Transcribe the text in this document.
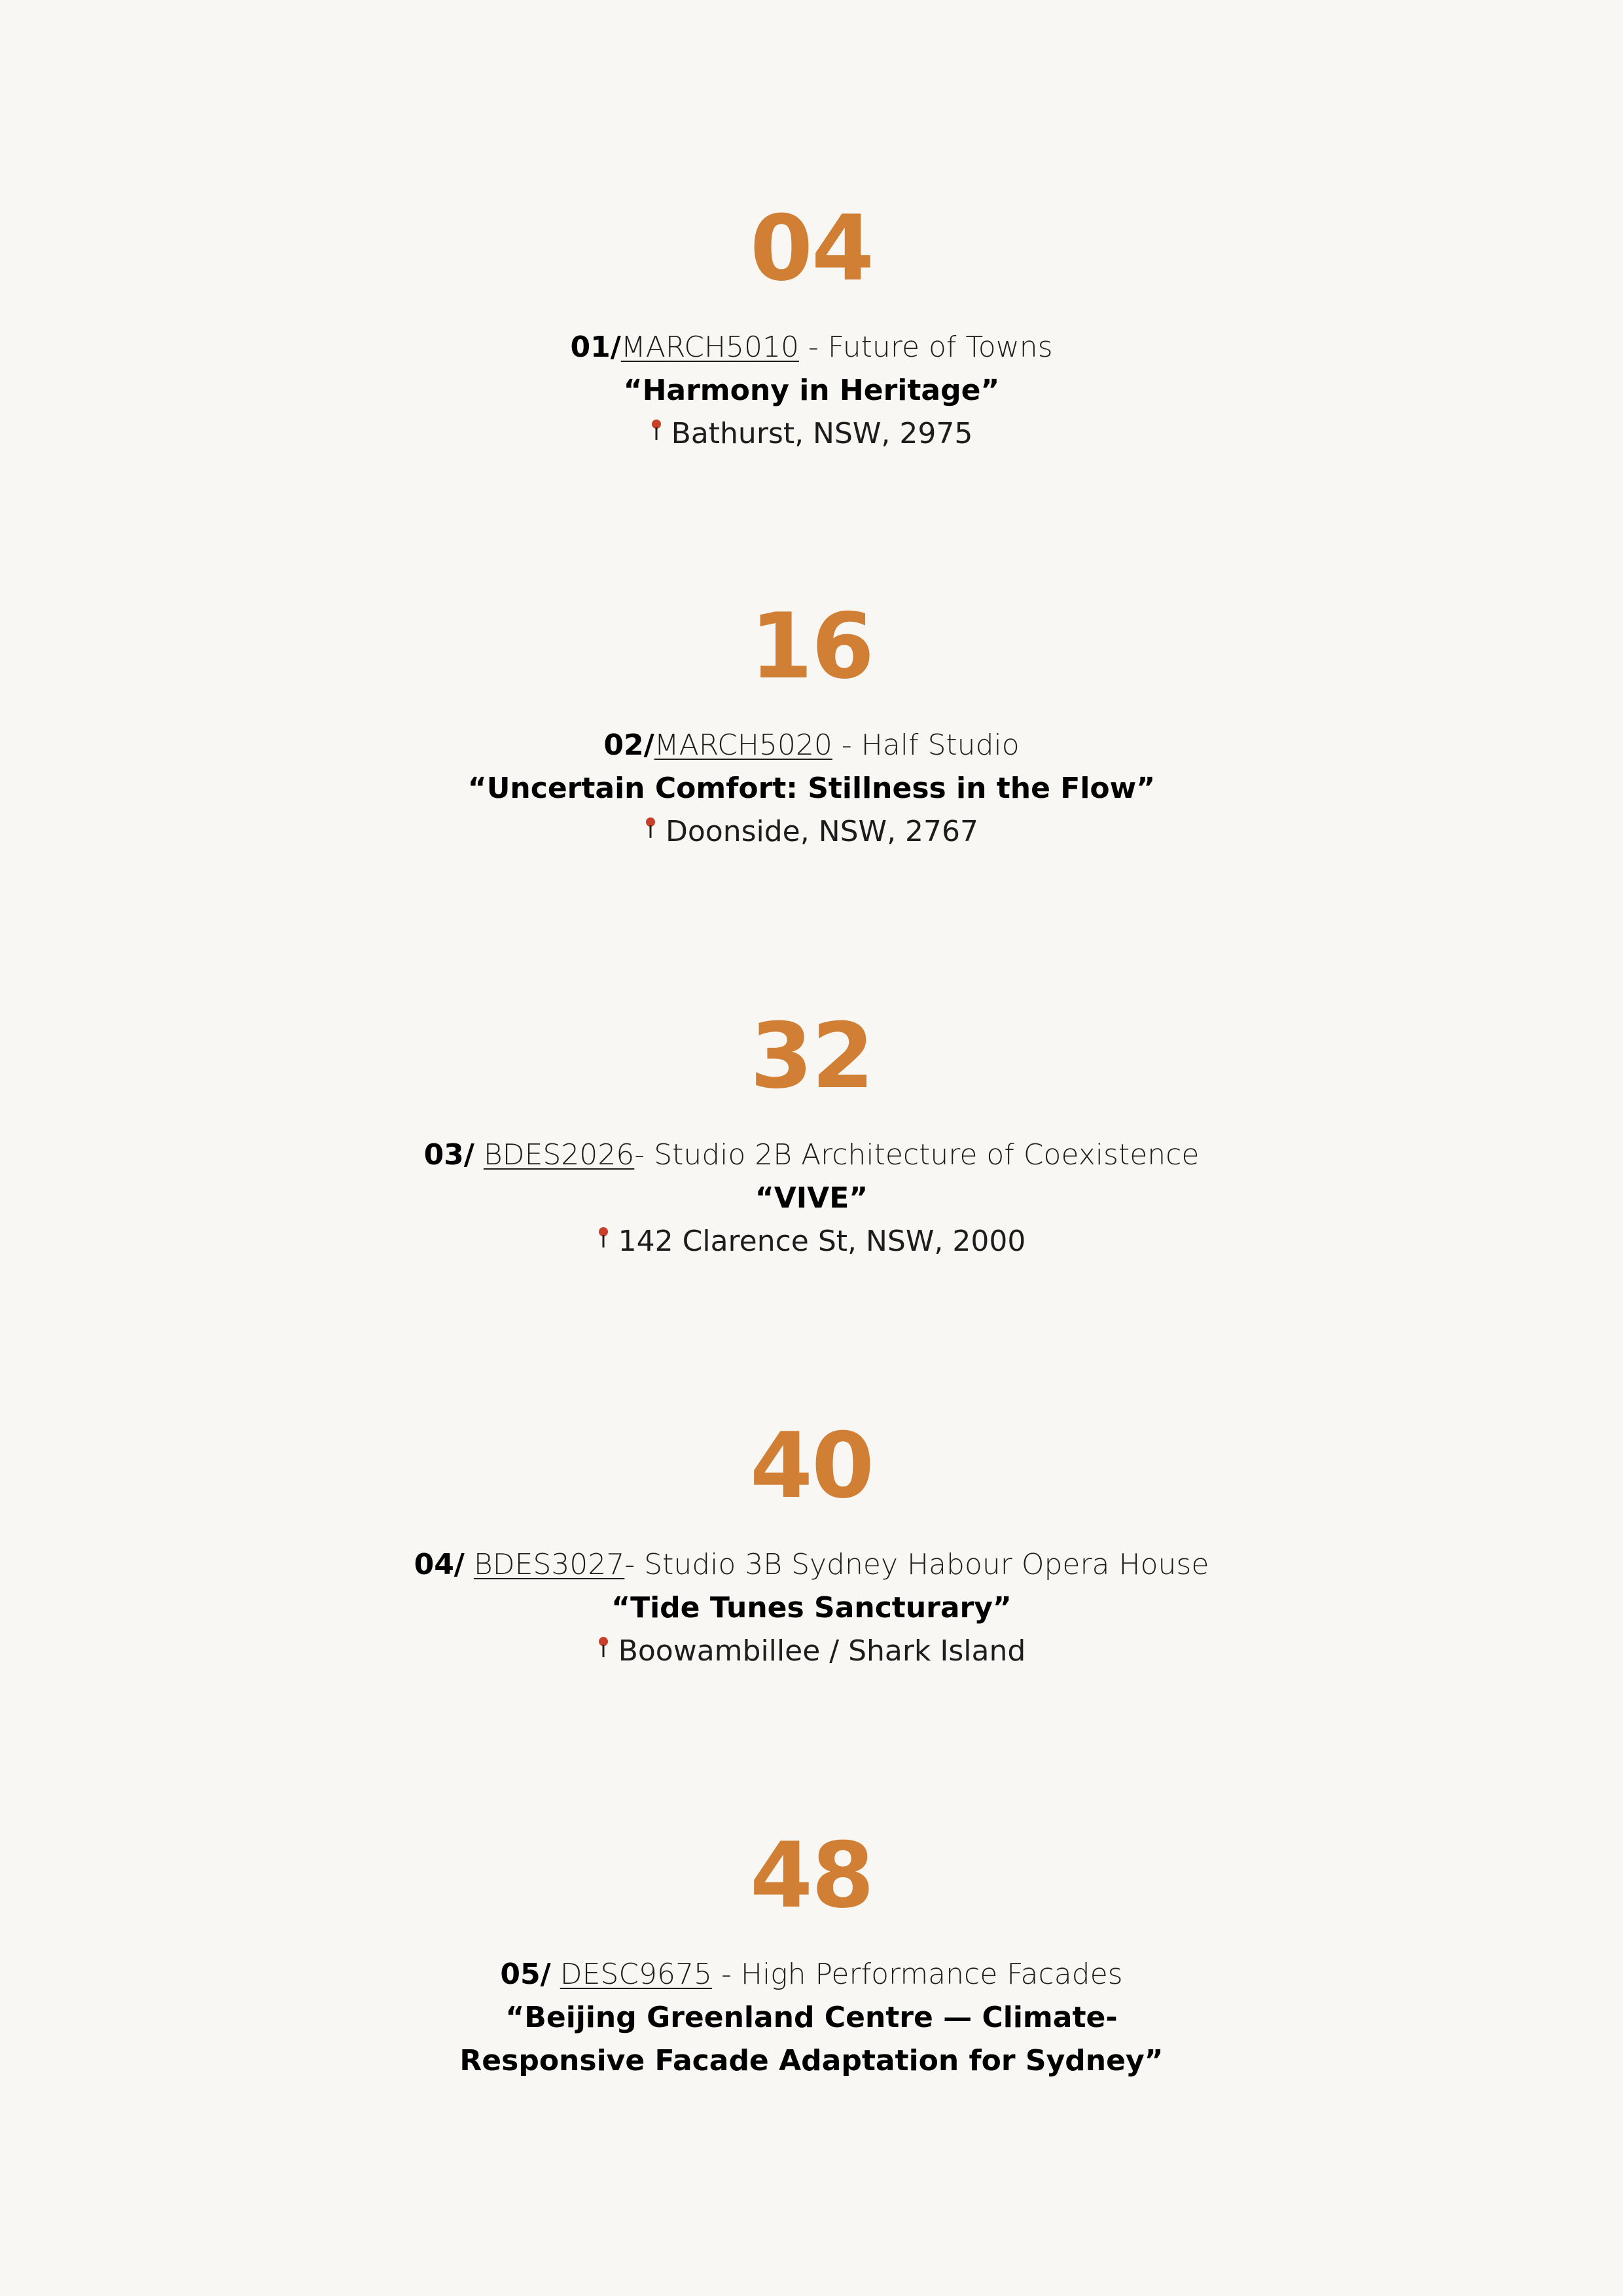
04
01/MARCH5010 - Future of Towns
“Harmony in Heritage”
Bathurst, NSW, 2975
16
02/MARCH5020 - Half Studio
“Uncertain Comfort: Stillness in the Flow”
Doonside, NSW, 2767
32
03/ BDES2026- Studio 2B Architecture of Coexistence
“VIVE”
142 Clarence St, NSW, 2000
40
04/ BDES3027- Studio 3B Sydney Habour Opera House
“Tide Tunes Sancturary”
Boowambillee / Shark Island
48
05/ DESC9675 - High Performance Facades
“Beijing Greenland Centre — Climate-Responsive Facade Adaptation for Sydney”
